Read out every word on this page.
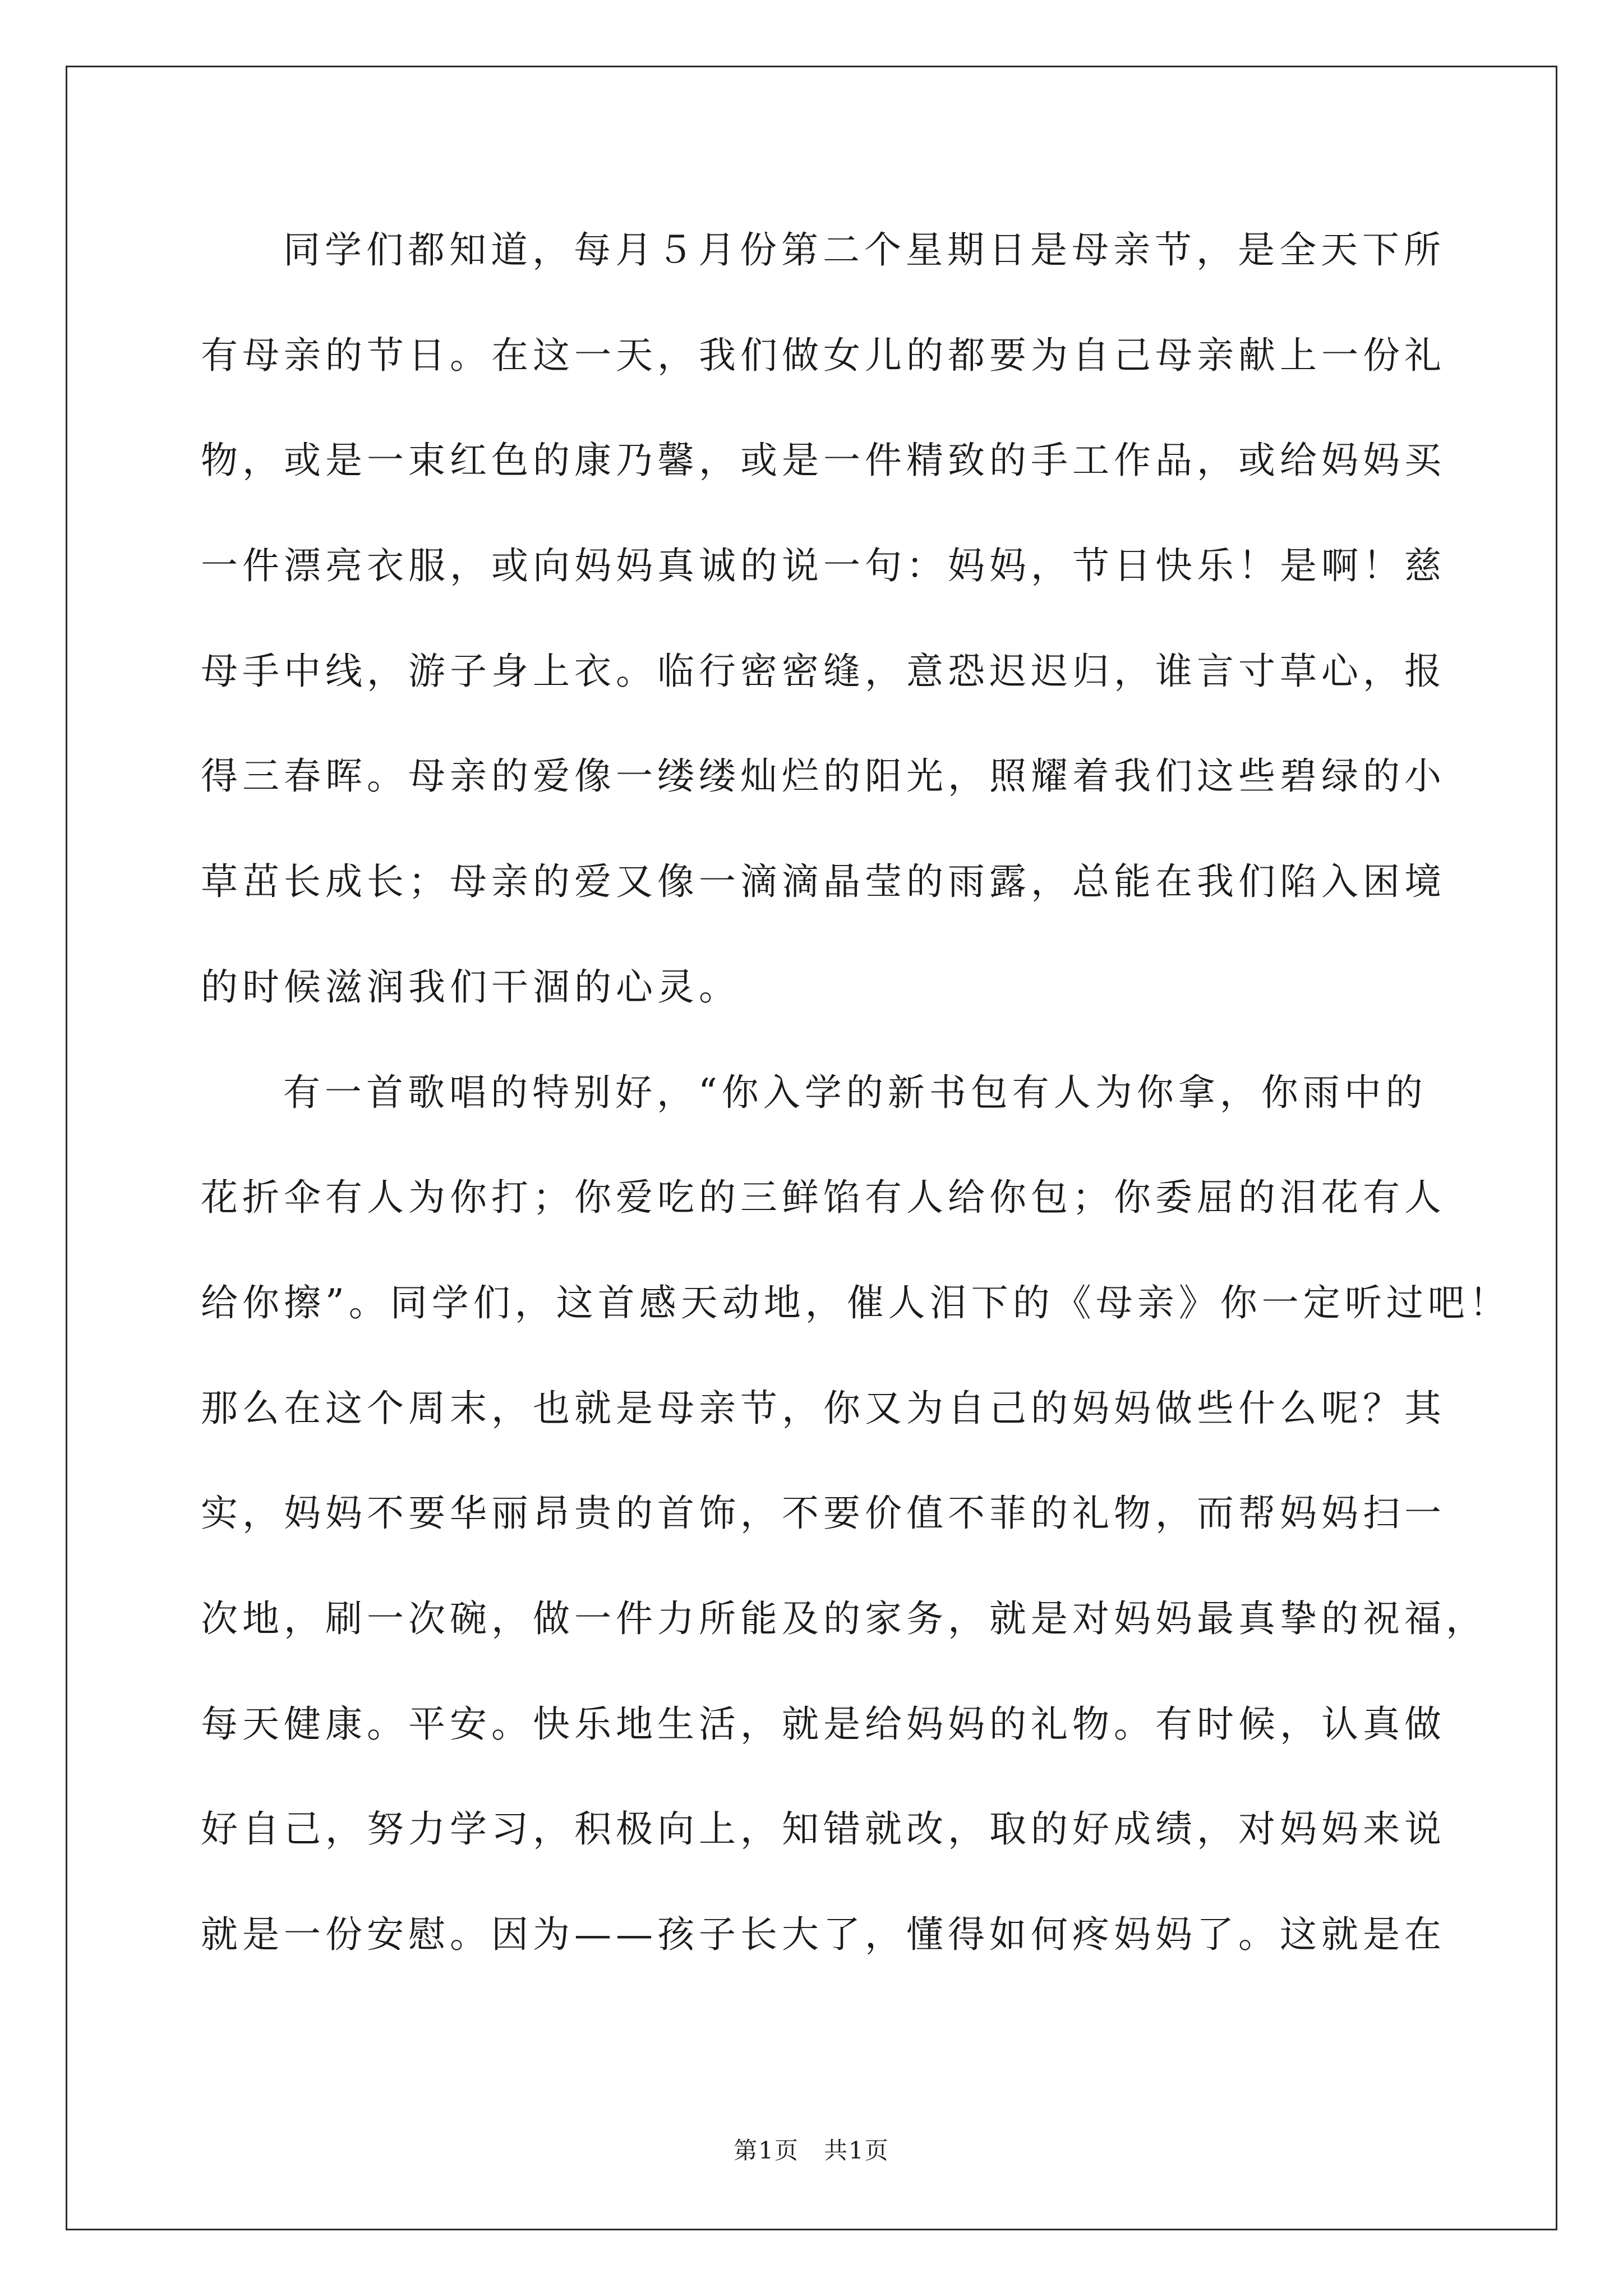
同学们都知道，每月５月份第二个星期日是母亲节，是全天下所
有母亲的节日。在这一天，我们做女儿的都要为自己母亲献上一份礼
物，或是一束红色的康乃馨，或是一件精致的手工作品，或给妈妈买
一件漂亮衣服，或向妈妈真诚的说一句：妈妈，节日快乐！是啊！慈
母手中线，游子身上衣。临行密密缝，意恐迟迟归，谁言寸草心，报
得三春晖。母亲的爱像一缕缕灿烂的阳光，照耀着我们这些碧绿的小
草茁长成长；母亲的爱又像一滴滴晶莹的雨露，总能在我们陷入困境
的时候滋润我们干涸的心灵。
有一首歌唱的特别好，“你入学的新书包有人为你拿，你雨中的
花折伞有人为你打；你爱吃的三鲜馅有人给你包；你委屈的泪花有人
给你擦”。同学们，这首感天动地，催人泪下的《母亲》你一定听过吧！
那么在这个周末，也就是母亲节，你又为自己的妈妈做些什么呢？其
实，妈妈不要华丽昂贵的首饰，不要价值不菲的礼物，而帮妈妈扫一
次地，刷一次碗，做一件力所能及的家务，就是对妈妈最真挚的祝福，
每天健康。平安。快乐地生活，就是给妈妈的礼物。有时候，认真做
好自己，努力学习，积极向上，知错就改，取的好成绩，对妈妈来说
就是一份安慰。因为——孩子长大了，懂得如何疼妈妈了。这就是在
第1页　共1页
